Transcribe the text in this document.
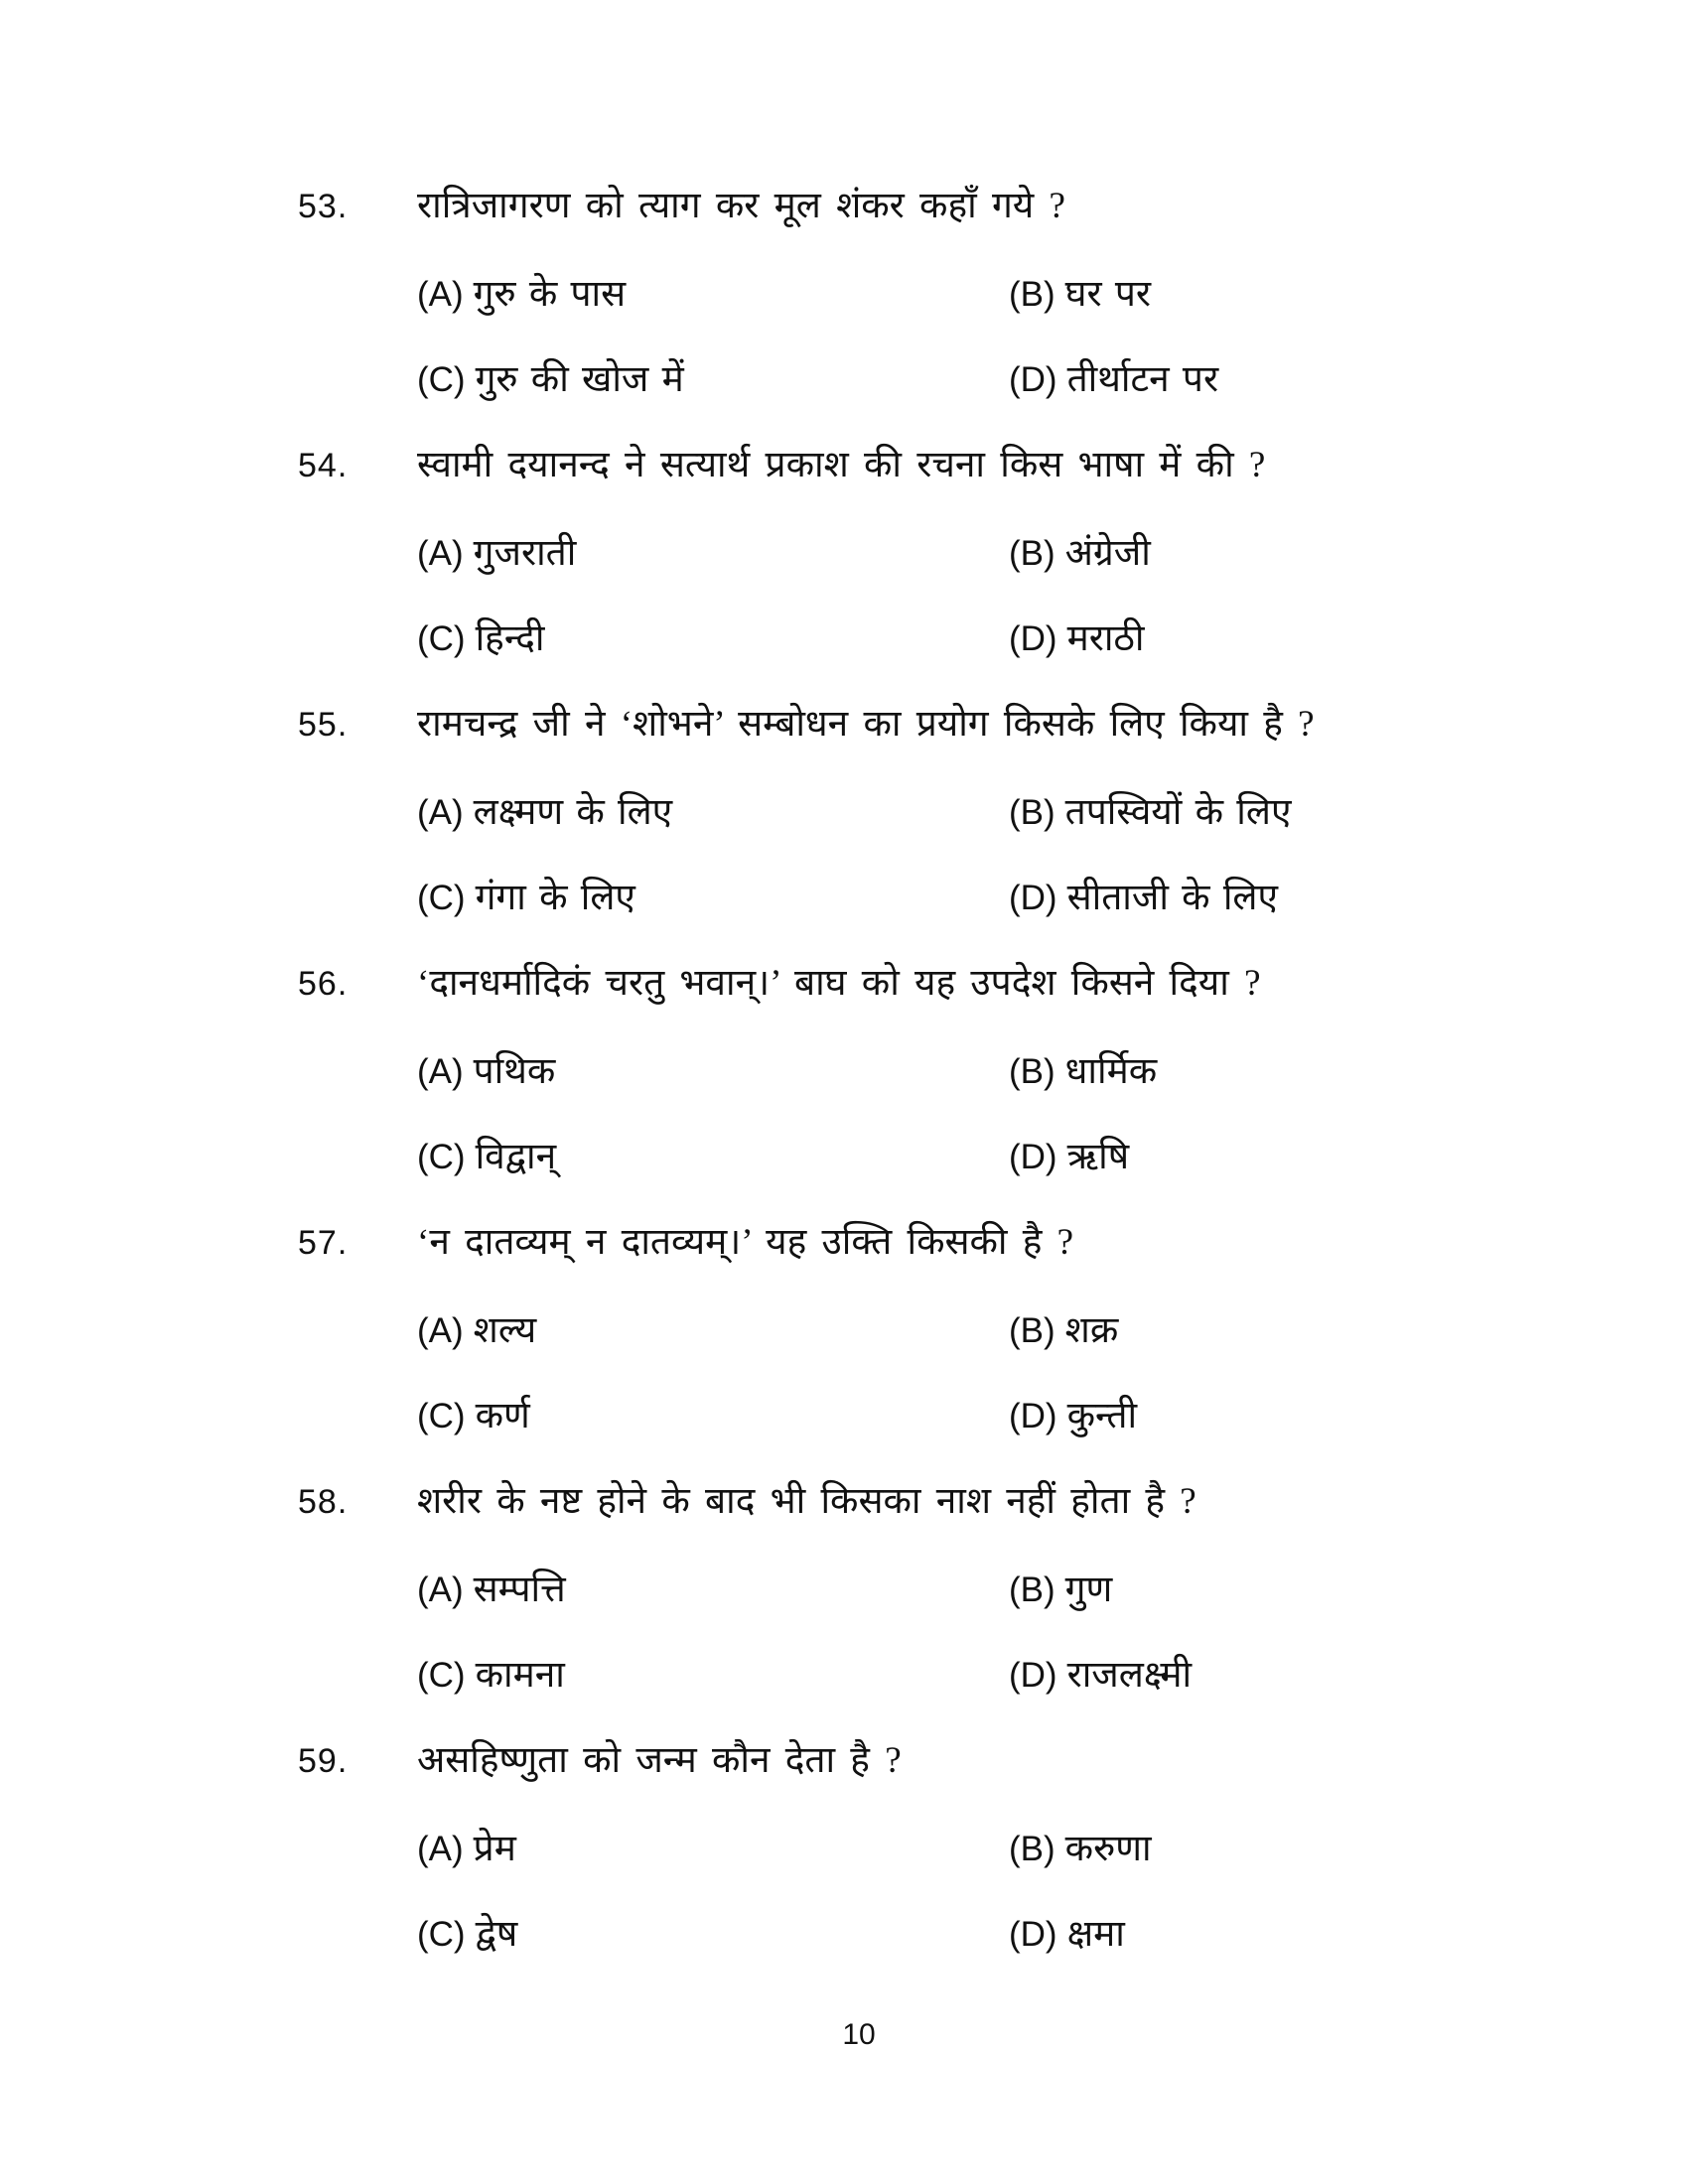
53.	रात्रिजागरण को त्याग कर मूल शंकर कहाँ गये ?
(A) गुरु के पास	(B) घर पर
(C) गुरु की खोज में	(D) तीर्थाटन पर
54.	स्वामी दयानन्द ने सत्यार्थ प्रकाश की रचना किस भाषा में की ?
(A) गुजराती	(B) अंग्रेजी
(C) हिन्दी	(D) मराठी
55.	रामचन्द्र जी ने ‘शोभने’ सम्बोधन का प्रयोग किसके लिए किया है ?
(A) लक्ष्मण के लिए	(B) तपस्वियों के लिए
(C) गंगा के लिए	(D) सीताजी के लिए
56.	‘दानधर्मादिकं चरतु भवान्।’ बाघ को यह उपदेश किसने दिया ?
(A) पथिक	(B) धार्मिक
(C) विद्वान्	(D) ऋषि
57.	‘न दातव्यम् न दातव्यम्।’ यह उक्ति किसकी है ?
(A) शल्य	(B) शक्र
(C) कर्ण	(D) कुन्ती
58.	शरीर के नष्ट होने के बाद भी किसका नाश नहीं होता है ?
(A) सम्पत्ति	(B) गुण
(C) कामना	(D) राजलक्ष्मी
59.	असहिष्णुता को जन्म कौन देता है ?
(A) प्रेम	(B) करुणा
(C) द्वेष	(D) क्षमा
10
